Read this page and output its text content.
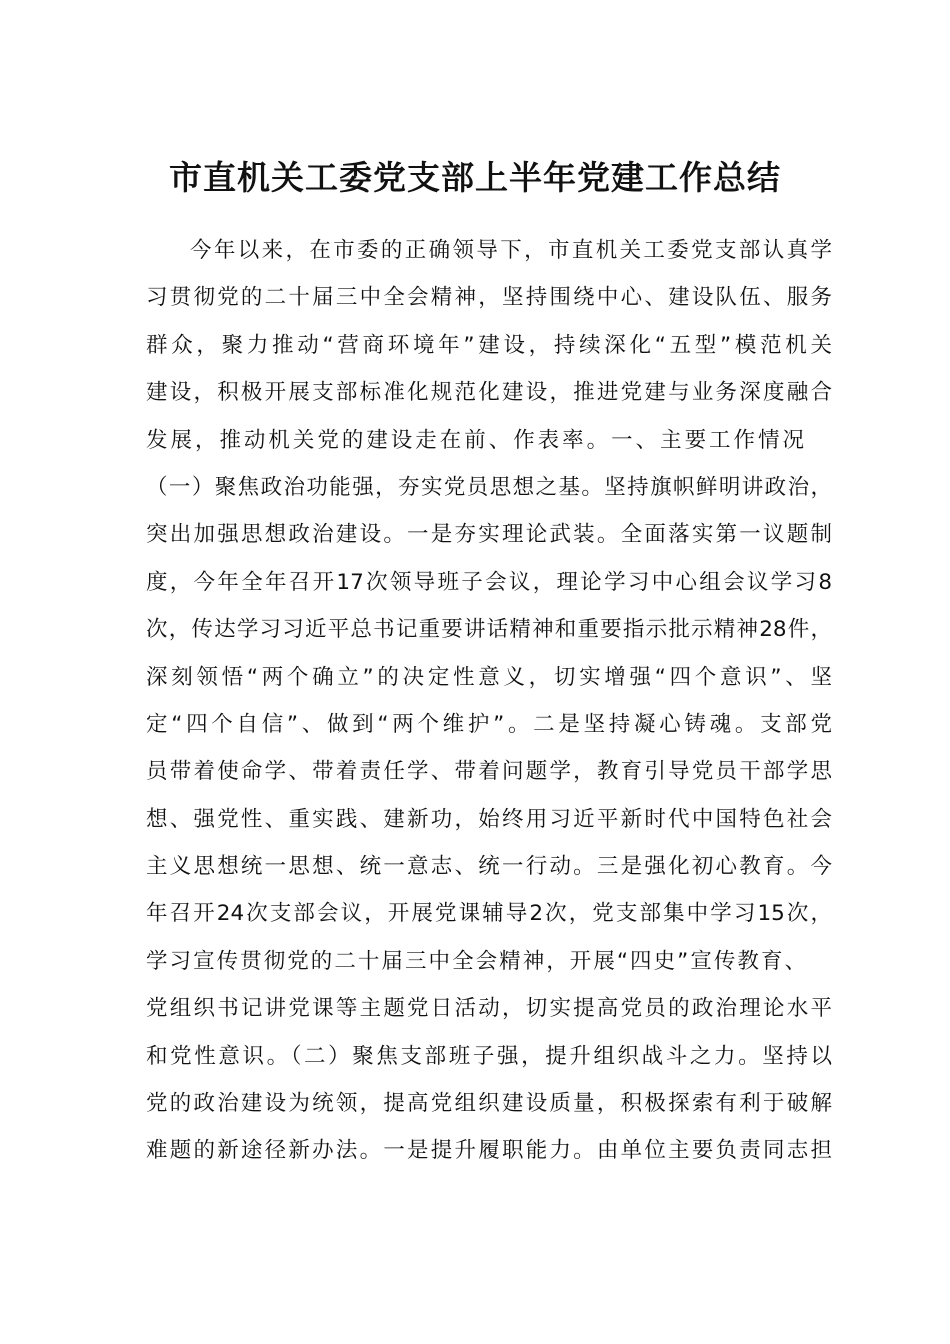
市直机关工委党支部上半年党建工作总结
今年以来，在市委的正确领导下，市直机关工委党支部认真学
习贯彻党的二十届三中全会精神，坚持围绕中心、建设队伍、服务
群众，聚力推动“营商环境年”建设，持续深化“五型”模范机关
建设，积极开展支部标准化规范化建设，推进党建与业务深度融合
发展，推动机关党的建设走在前、作表率。一、主要工作情况
（一）聚焦政治功能强，夯实党员思想之基。坚持旗帜鲜明讲政治，
突出加强思想政治建设。一是夯实理论武装。全面落实第一议题制
度，今年全年召开17次领导班子会议，理论学习中心组会议学习8
次，传达学习习近平总书记重要讲话精神和重要指示批示精神28件，
深刻领悟“两个确立”的决定性意义，切实增强“四个意识”、坚
定“四个自信”、做到“两个维护”。二是坚持凝心铸魂。支部党
员带着使命学、带着责任学、带着问题学，教育引导党员干部学思
想、强党性、重实践、建新功，始终用习近平新时代中国特色社会
主义思想统一思想、统一意志、统一行动。三是强化初心教育。今
年召开24次支部会议，开展党课辅导2次，党支部集中学习15次，
学习宣传贯彻党的二十届三中全会精神，开展“四史”宣传教育、
党组织书记讲党课等主题党日活动，切实提高党员的政治理论水平
和党性意识。（二）聚焦支部班子强，提升组织战斗之力。坚持以
党的政治建设为统领，提高党组织建设质量，积极探索有利于破解
难题的新途径新办法。一是提升履职能力。由单位主要负责同志担
